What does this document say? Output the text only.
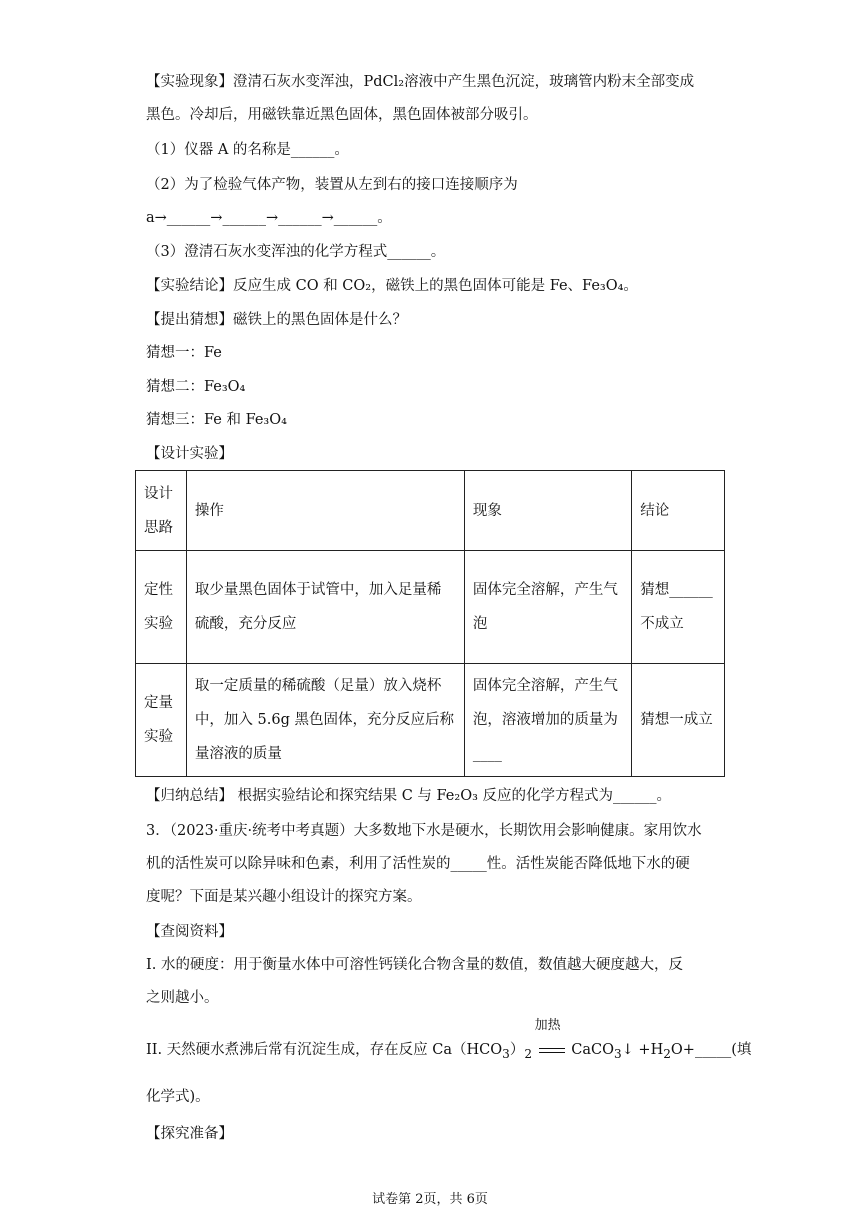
【实验现象】澄清石灰水变浑浊，PdCl₂溶液中产生黑色沉淀，玻璃管内粉末全部变成
黑色。冷却后，用磁铁靠近黑色固体，黑色固体被部分吸引。
（1）仪器 A 的名称是______。
（2）为了检验气体产物，装置从左到右的接口连接顺序为
a→______→______→______→______。
（3）澄清石灰水变浑浊的化学方程式______。
【实验结论】反应生成 CO 和 CO₂，磁铁上的黑色固体可能是 Fe、Fe₃O₄。
【提出猜想】磁铁上的黑色固体是什么？
猜想一：Fe
猜想二：Fe₃O₄
猜想三：Fe 和 Fe₃O₄
【设计实验】
设计思路	操作	现象	结论
定性实验	取少量黑色固体于试管中，加入足量稀硫酸，充分反应	固体完全溶解，产生气泡	猜想______不成立
定量实验	取一定质量的稀硫酸（足量）放入烧杯中，加入 5.6g 黑色固体，充分反应后称量溶液的质量	固体完全溶解，产生气泡，溶液增加的质量为____	猜想一成立
【归纳总结】 根据实验结论和探究结果 C 与 Fe₂O₃ 反应的化学方程式为______。
3．（2023·重庆·统考中考真题）大多数地下水是硬水，长期饮用会影响健康。家用饮水
机的活性炭可以除异味和色素，利用了活性炭的_____性。活性炭能否降低地下水的硬
度呢？下面是某兴趣小组设计的探究方案。
【查阅资料】
I. 水的硬度：用于衡量水体中可溶性钙镁化合物含量的数值，数值越大硬度越大，反
之则越小。
II. 天然硬水煮沸后常有沉淀生成，存在反应 $Ca(HCO_3)_2$
加热
CaCO$_3$↓ $+H_2O+\_\_\_\_\_$(填
化学式)。
【探究准备】
试卷第 2页，共 6页
